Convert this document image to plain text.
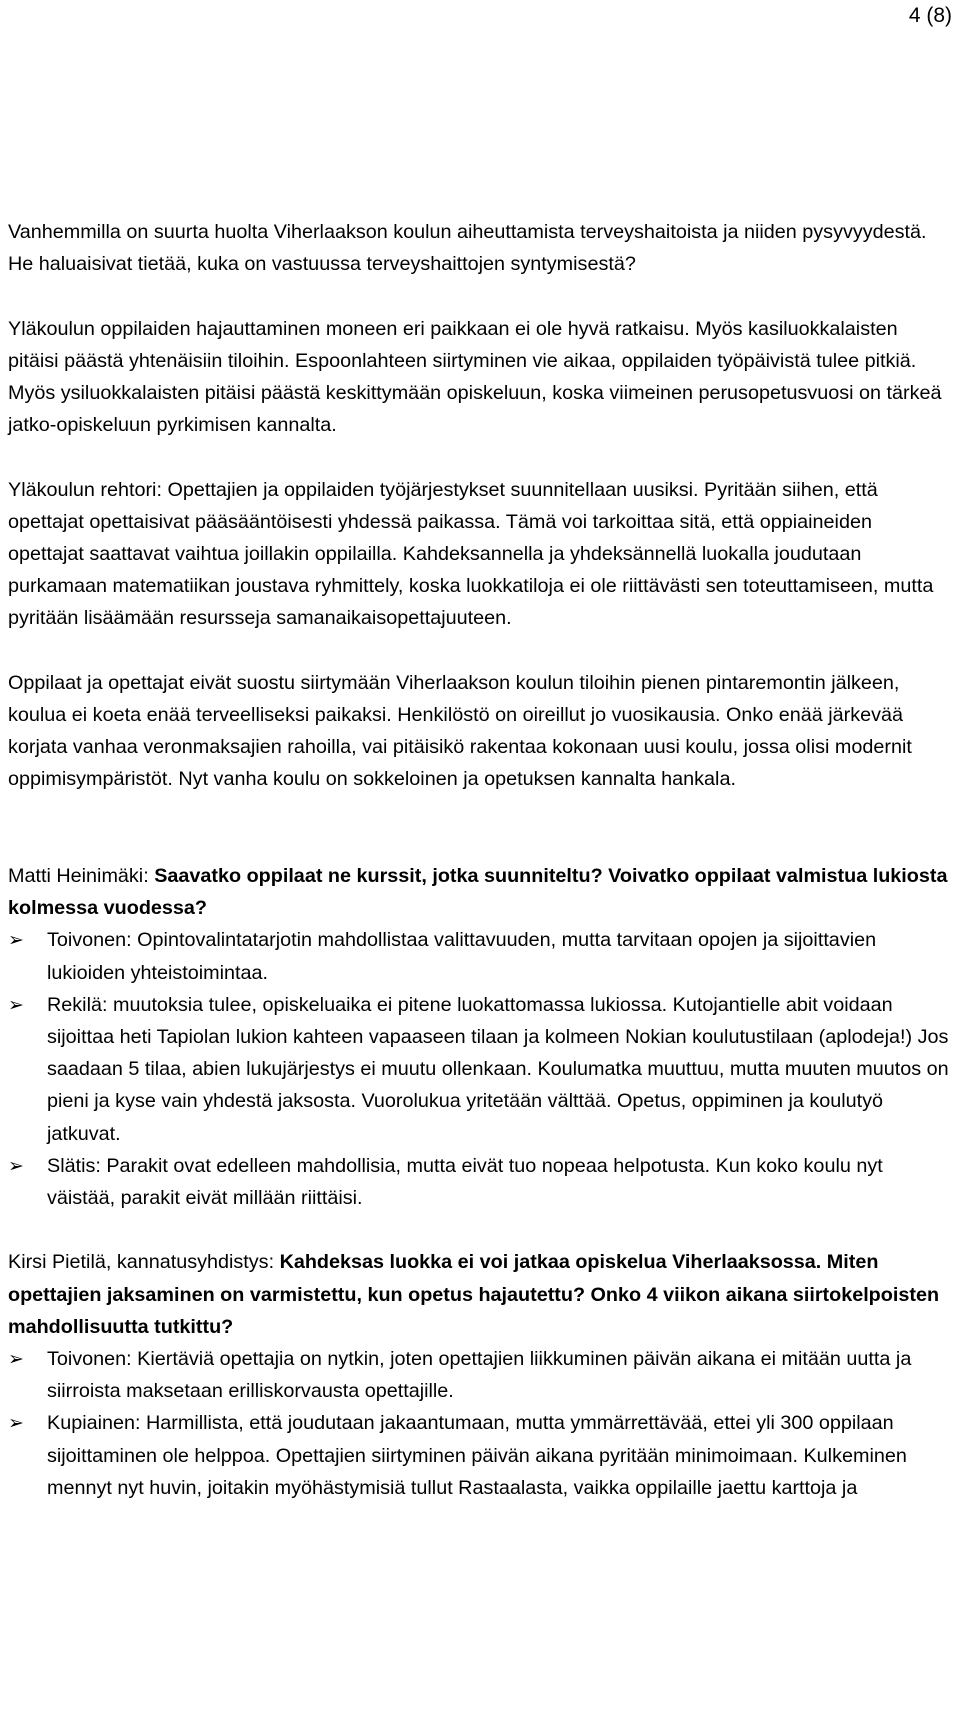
4 (8)

Vanhemmilla on suurta huolta Viherlaakson koulun aiheuttamista terveyshaitoista ja niiden pysyvyydestä. He haluaisivat tietää, kuka on vastuussa terveyshaittojen syntymisestä?

Yläkoulun oppilaiden hajauttaminen moneen eri paikkaan ei ole hyvä ratkaisu. Myös kasiluokkalaisten pitäisi päästä yhtenäisiin tiloihin. Espoonlahteen siirtyminen vie aikaa, oppilaiden työpäivistä tulee pitkiä. Myös ysiluokkalaisten pitäisi päästä keskittymään opiskeluun, koska viimeinen perusopetusvuosi on tärkeä jatko-opiskeluun pyrkimisen kannalta.

Yläkoulun rehtori: Opettajien ja oppilaiden työjärjestykset suunnitellaan uusiksi. Pyritään siihen, että opettajat opettaisivat pääsääntöisesti yhdessä paikassa. Tämä voi tarkoittaa sitä, että oppiaineiden opettajat saattavat vaihtua joillakin oppilailla. Kahdeksannella ja yhdeksännellä luokalla joudutaan purkamaan matematiikan joustava ryhmittely, koska luokkatiloja ei ole riittävästi sen toteuttamiseen, mutta pyritään lisäämään resursseja samanaikaisopettajuuteen.

Oppilaat ja opettajat eivät suostu siirtymään Viherlaakson koulun tiloihin pienen pintaremontin jälkeen, koulua ei koeta enää terveelliseksi paikaksi. Henkilöstö on oireillut jo vuosikausia. Onko enää järkevää korjata vanhaa veronmaksajien rahoilla, vai pitäisikö rakentaa kokonaan uusi koulu, jossa olisi modernit oppimisympäristöt. Nyt vanha koulu on sokkeloinen ja opetuksen kannalta hankala.

Matti Heinimäki: Saavatko oppilaat ne kurssit, jotka suunniteltu? Voivatko oppilaat valmistua lukiosta kolmessa vuodessa?

➢ Toivonen: Opintovalintatarjotin mahdollistaa valittavuuden, mutta tarvitaan opojen ja sijoittavien lukioiden yhteistoimintaa.
➢ Rekilä: muutoksia tulee, opiskeluaika ei pitene luokattomassa lukiossa. Kutojantielle abit voidaan sijoittaa heti Tapiolan lukion kahteen vapaaseen tilaan ja kolmeen Nokian koulutustilaan (aplodeja!) Jos saadaan 5 tilaa, abien lukujärjestys ei muutu ollenkaan. Koulumatka muuttuu, mutta muuten muutos on pieni ja kyse vain yhdestä jaksosta. Vuorolukua yritetään välttää. Opetus, oppiminen ja koulutyö jatkuvat.
➢ Slätis: Parakit ovat edelleen mahdollisia, mutta eivät tuo nopeaa helpotusta. Kun koko koulu nyt väistää, parakit eivät millään riittäisi.

Kirsi Pietilä, kannatusyhdistys: Kahdeksas luokka ei voi jatkaa opiskelua Viherlaaksossa. Miten opettajien jaksaminen on varmistettu, kun opetus hajautettu? Onko 4 viikon aikana siirtokelpoisten mahdollisuutta tutkittu?

➢ Toivonen: Kiertäviä opettajia on nytkin, joten opettajien liikkuminen päivän aikana ei mitään uutta ja siirroista maksetaan erilliskorvausta opettajille.
➢ Kupiainen: Harmillista, että joudutaan jakaantumaan, mutta ymmärrettävää, ettei yli 300 oppilaan sijoittaminen ole helppoa. Opettajien siirtyminen päivän aikana pyritään minimoimaan. Kulkeminen mennyt nyt huvin, joitakin myöhästymisiä tullut Rastaalasta, vaikka oppilaille jaettu karttoja ja
